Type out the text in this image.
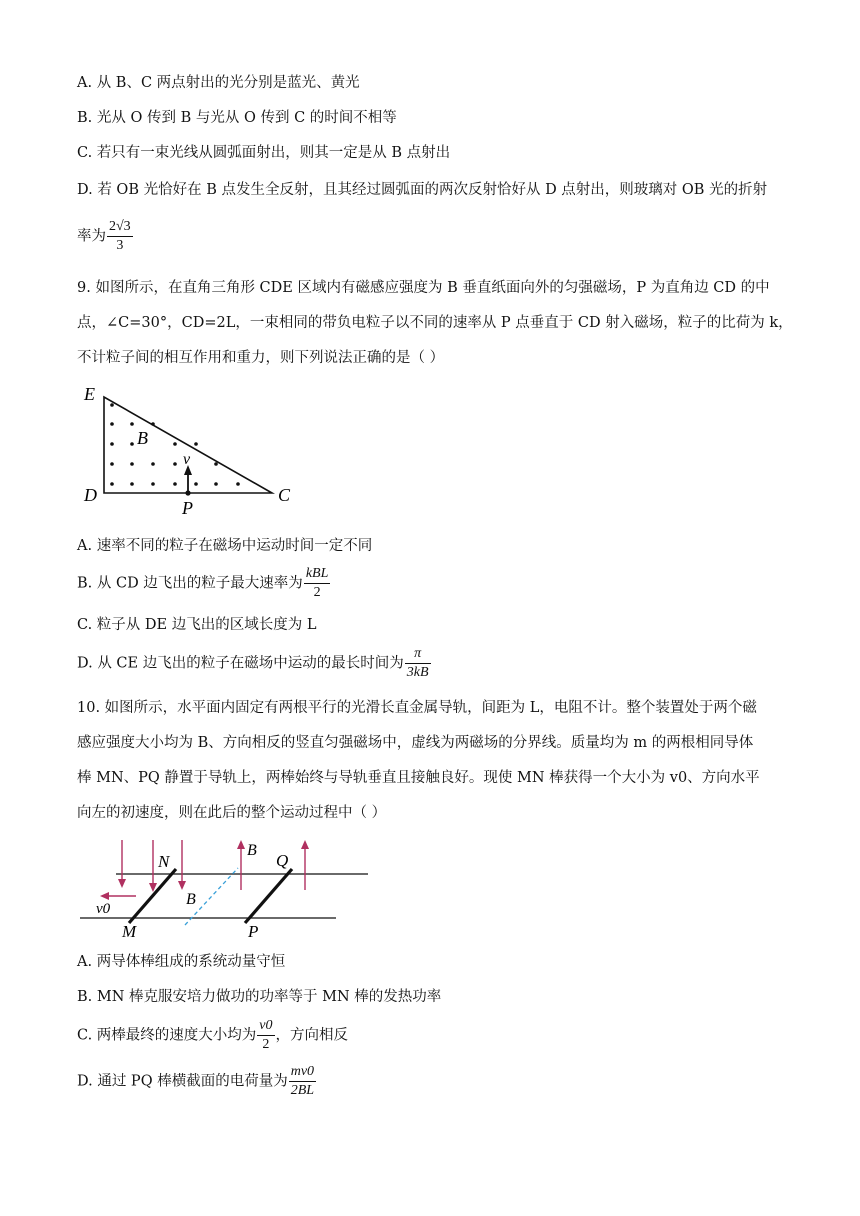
A. 从 B、C 两点射出的光分别是蓝光、黄光
B. 光从 O 传到 B 与光从 O 传到 C 的时间不相等
C. 若只有一束光线从圆弧面射出，则其一定是从 B 点射出
D. 若 OB 光恰好在 B 点发生全反射，且其经过圆弧面的两次反射恰好从 D 点射出，则玻璃对 OB 光的折射
率为 $\frac{2√3}{3}$
9. 如图所示，在直角三角形 CDE 区域内有磁感应强度为 B 垂直纸面向外的匀强磁场，P 为直角边 CD 的中
点，∠C=30°，CD=2L，一束相同的带负电粒子以不同的速率从 P 点垂直于 CD 射入磁场，粒子的比荷为 k，
不计粒子间的相互作用和重力，则下列说法正确的是（ ）
E
D	C
P
B
v
A. 速率不同的粒子在磁场中运动时间一定不同
B. 从 CD 边飞出的粒子最大速率为 $\frac{\text{kBL}}{2}$
C. 粒子从 DE 边飞出的区域长度为 L
D. 从 CE 边飞出的粒子在磁场中运动的最长时间为 $\frac{\pi}{3kB}$
10. 如图所示，水平面内固定有两根平行的光滑长直金属导轨，间距为 L，电阻不计。整个装置处于两个磁
感应强度大小均为 B、方向相反的竖直匀强磁场中，虚线为两磁场的分界线。质量均为 m 的两根相同导体
棒 MN、PQ 静置于导轨上，两棒始终与导轨垂直且接触良好。现使 MN 棒获得一个大小为 v0、方向水平
向左的初速度，则在此后的整个运动过程中（ ）
N	Q
M	P
B
B
v0
A. 两导体棒组成的系统动量守恒
B. MN 棒克服安培力做功的功率等于 MN 棒的发热功率
C. 两棒最终的速度大小均为 $\frac{v0}{2}$ ，方向相反
D. 通过 PQ 棒横截面的电荷量为 $\frac{mv0}{2BL}$
